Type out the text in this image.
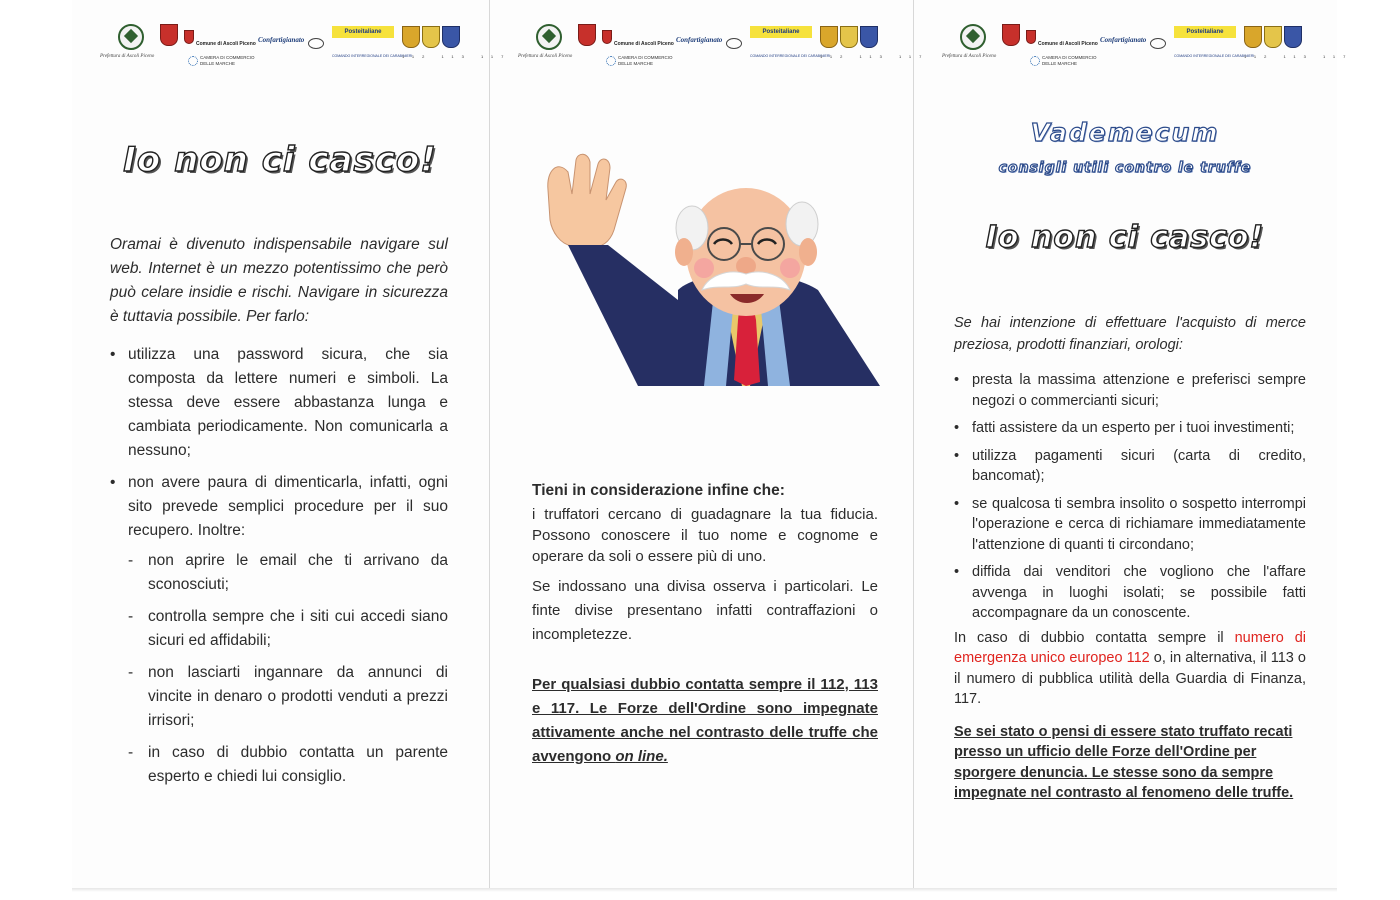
Prefettura di Ascoli Piceno
Comune di Ascoli Piceno
CAMERA DI COMMERCIO
DELLE MARCHE
Confartigianato
Posteitaliane
COMANDO INTERREGIONALE DEI CARABINIERI
112 113 117
Io non ci casco!
Oramai è divenuto indispensabile navigare sul web. Internet è un mezzo potentissimo che però può celare insidie e rischi. Navigare in sicurezza è tuttavia possibile. Per farlo:
• utilizza una password sicura, che sia composta da lettere numeri e simboli. La stessa deve essere abbastanza lunga e cambiata periodicamente. Non comunicarla a nessuno;
• non avere paura di dimenticarla, infatti, ogni sito prevede semplici procedure per il suo recupero. Inoltre:
- non aprire le email che ti arrivano da sconosciuti;
- controlla sempre che i siti cui accedi siano sicuri ed affidabili;
- non lasciarti ingannare da annunci di vincite in denaro o prodotti venduti a prezzi irrisori;
- in caso di dubbio contatta un parente esperto e chiedi lui consiglio.
Prefettura di Ascoli Piceno
Comune di Ascoli Piceno
CAMERA DI COMMERCIO
DELLE MARCHE
Confartigianato
Posteitaliane
COMANDO INTERREGIONALE DEI CARABINIERI
112 113 117
Tieni in considerazione infine che:
i truffatori cercano di guadagnare la tua fiducia. Possono conoscere il tuo nome e cognome e operare da soli o essere più di uno.
Se indossano una divisa osserva i particolari. Le finte divise presentano infatti contraffazioni o incompletezze.
Per qualsiasi dubbio contatta sempre il 112, 113 e 117. Le Forze dell'Ordine sono impegnate attivamente anche nel contrasto delle truffe che avvengono on line.
Prefettura di Ascoli Piceno
Comune di Ascoli Piceno
CAMERA DI COMMERCIO
DELLE MARCHE
Confartigianato
Posteitaliane
COMANDO INTERREGIONALE DEI CARABINIERI
112 113 117
Vademecum
consigli utili contro le truffe
Io non ci casco!
Se hai intenzione di effettuare l'acquisto di merce preziosa, prodotti finanziari, orologi:
• presta la massima attenzione e preferisci sempre negozi o commercianti sicuri;
• fatti assistere da un esperto per i tuoi investimenti;
• utilizza pagamenti sicuri (carta di credito, bancomat);
• se qualcosa ti sembra insolito o sospetto interrompi l'operazione e cerca di richiamare immediatamente l'attenzione di quanti ti circondano;
• diffida dai venditori che vogliono che l'affare avvenga in luoghi isolati; se possibile fatti accompagnare da un conoscente.
In caso di dubbio contatta sempre il numero di emergenza unico europeo 112 o, in alternativa, il 113 o il numero di pubblica utilità della Guardia di Finanza, 117.
Se sei stato o pensi di essere stato truffato recati presso un ufficio delle Forze dell'Ordine per sporgere denuncia. Le stesse sono da sempre impegnate nel contrasto al fenomeno delle truffe.
